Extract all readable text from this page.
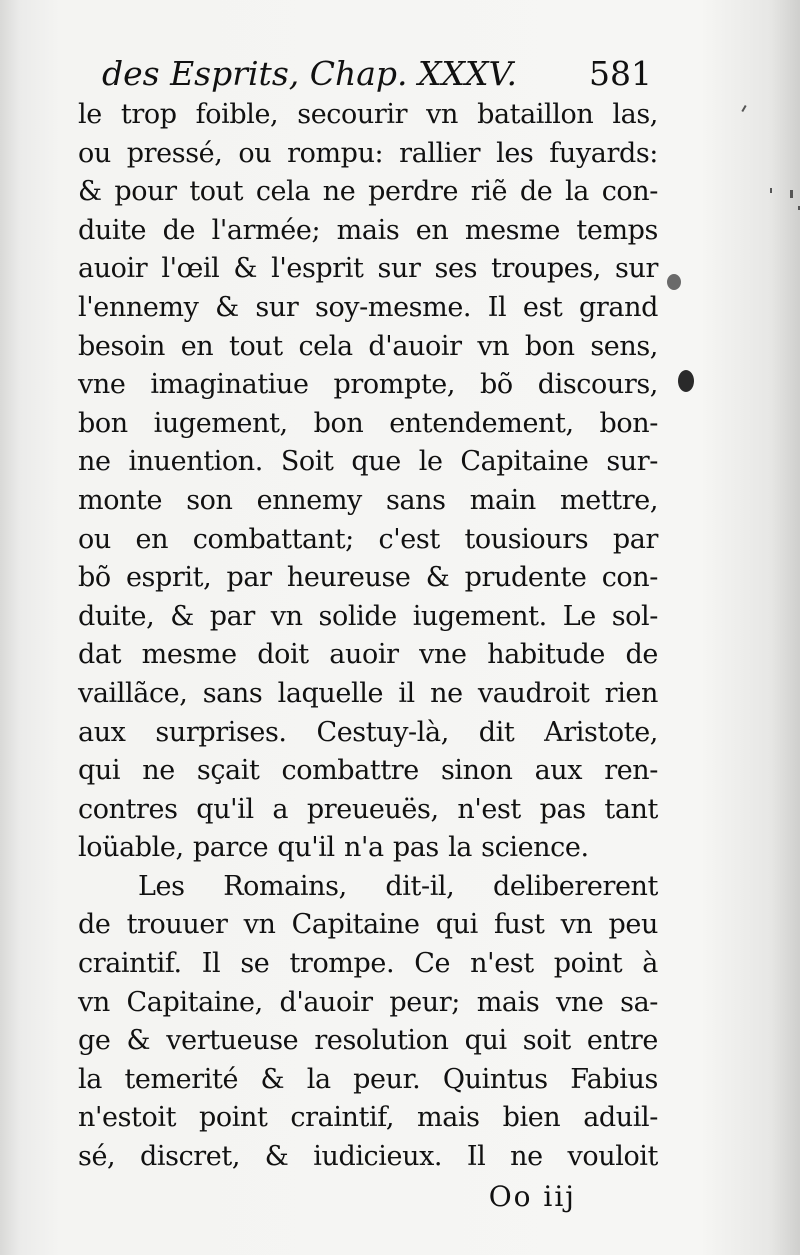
des Esprits, Chap. XXXV. 581
le trop foible, secourir vn bataillon las,
ou pressé, ou rompu: rallier les fuyards:
& pour tout cela ne perdre riẽ de la con-
duite de l'armée; mais en mesme temps
auoir l'œil & l'esprit sur ses troupes, sur
l'ennemy & sur soy-mesme. Il est grand
besoin en tout cela d'auoir vn bon sens,
vne imaginatiue prompte, bõ discours,
bon iugement, bon entendement, bon-
ne inuention. Soit que le Capitaine sur-
monte son ennemy sans main mettre,
ou en combattant; c'est tousiours par
bõ esprit, par heureuse & prudente con-
duite, & par vn solide iugement. Le sol-
dat mesme doit auoir vne habitude de
vaillãce, sans laquelle il ne vaudroit rien
aux surprises. Cestuy-là, dit Aristote,
qui ne sçait combattre sinon aux ren-
contres qu'il a preueuës, n'est pas tant
loüable, parce qu'il n'a pas la science.
Les Romains, dit-il, delibererent
de trouuer vn Capitaine qui fust vn peu
craintif. Il se trompe. Ce n'est point à
vn Capitaine, d'auoir peur; mais vne sa-
ge & vertueuse resolution qui soit entre
la temerité & la peur. Quintus Fabius
n'estoit point craintif, mais bien aduil-
sé, discret, & iudicieux. Il ne vouloit
Oo iij
